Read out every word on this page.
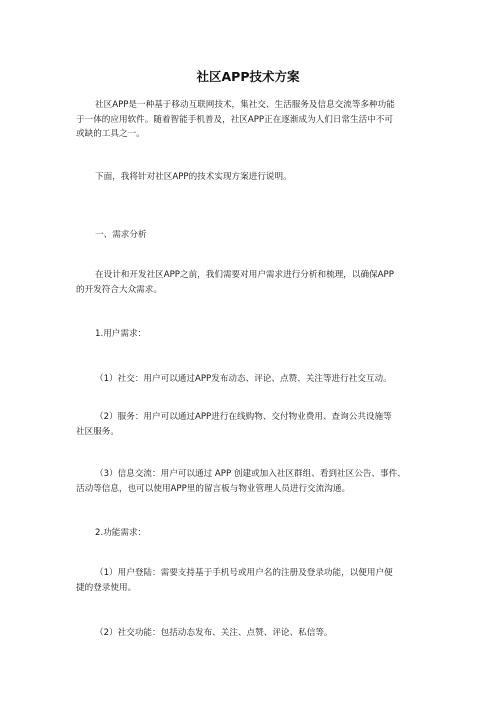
社区APP技术方案
社区APP是一种基于移动互联网技术，集社交、生活服务及信息交流等多种功能
于一体的应用软件。随着智能手机普及，社区APP正在逐渐成为人们日常生活中不可
或缺的工具之一。
下面，我将针对社区APP的技术实现方案进行说明。
一、需求分析
在设计和开发社区APP之前，我们需要对用户需求进行分析和梳理，以确保APP
的开发符合大众需求。
1.用户需求：
（1）社交：用户可以通过APP发布动态、评论、点赞、关注等进行社交互动。
（2）服务：用户可以通过APP进行在线购物、交付物业费用、查询公共设施等
社区服务。
（3）信息交流：用户可以通过 APP 创建或加入社区群组、看到社区公告、事件、
活动等信息，也可以使用APP里的留言板与物业管理人员进行交流沟通。
2.功能需求：
（1）用户登陆：需要支持基于手机号或用户名的注册及登录功能，以便用户便
捷的登录使用。
（2）社交功能：包括动态发布、关注、点赞、评论、私信等。
